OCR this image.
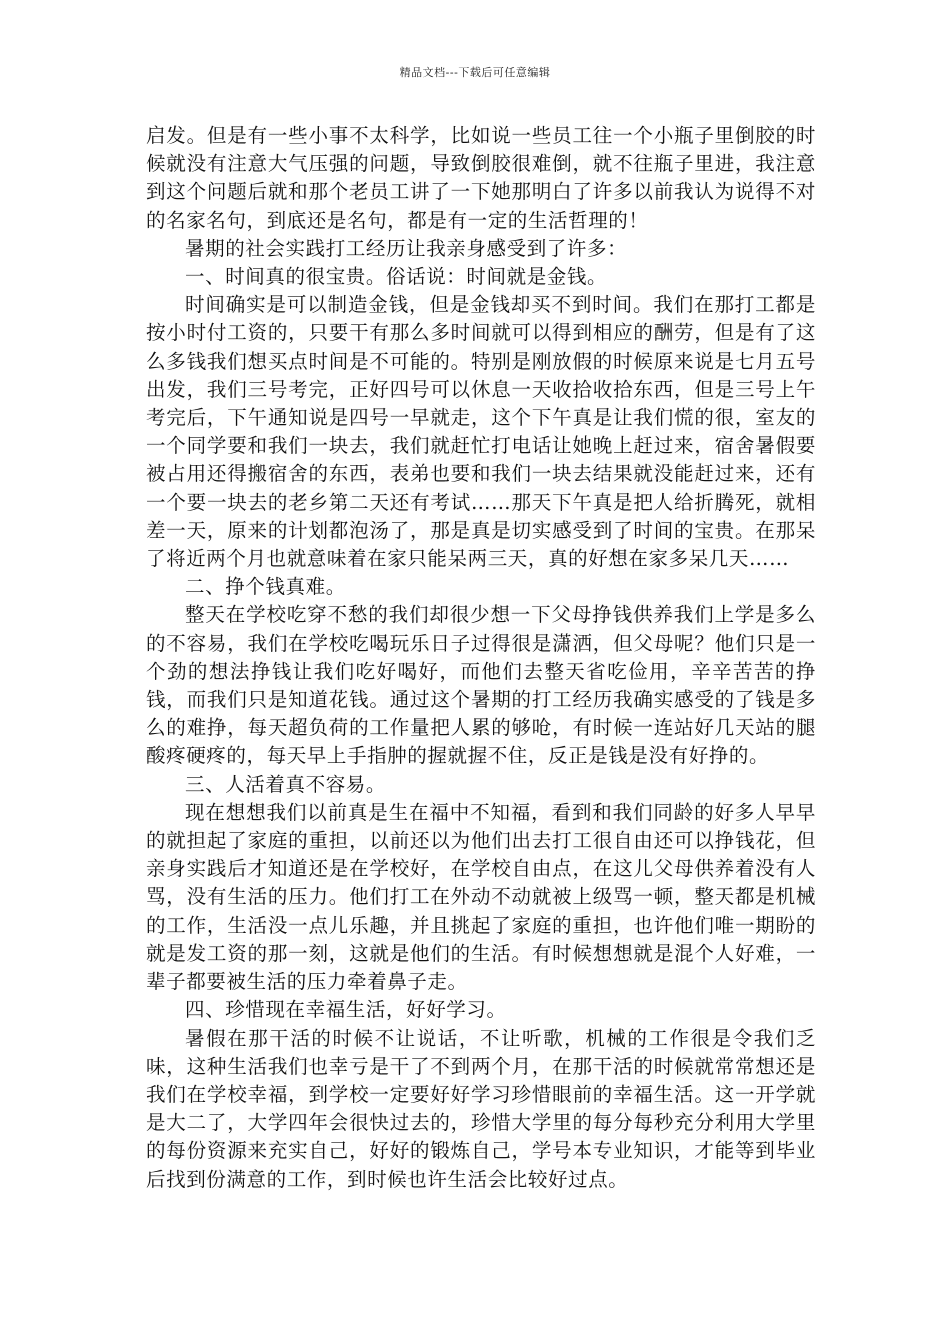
精品文档---下载后可任意编辑

启发。但是有一些小事不太科学，比如说一些员工往一个小瓶子里倒胶的时候就没有注意大气压强的问题，导致倒胶很难倒，就不往瓶子里进，我注意到这个问题后就和那个老员工讲了一下她那明白了许多以前我认为说得不对的名家名句，到底还是名句，都是有一定的生活哲理的！

暑期的社会实践打工经历让我亲身感受到了许多：

一、时间真的很宝贵。俗话说：时间就是金钱。

时间确实是可以制造金钱，但是金钱却买不到时间。我们在那打工都是按小时付工资的，只要干有那么多时间就可以得到相应的酬劳，但是有了这么多钱我们想买点时间是不可能的。特别是刚放假的时候原来说是七月五号出发，我们三号考完，正好四号可以休息一天收拾收拾东西，但是三号上午考完后，下午通知说是四号一早就走，这个下午真是让我们慌的很，室友的一个同学要和我们一块去，我们就赶忙打电话让她晚上赶过来，宿舍暑假要被占用还得搬宿舍的东西，表弟也要和我们一块去结果就没能赶过来，还有一个要一块去的老乡第二天还有考试……那天下午真是把人给折腾死，就相差一天，原来的计划都泡汤了，那是真是切实感受到了时间的宝贵。在那呆了将近两个月也就意味着在家只能呆两三天，真的好想在家多呆几天……

二、挣个钱真难。

整天在学校吃穿不愁的我们却很少想一下父母挣钱供养我们上学是多么的不容易，我们在学校吃喝玩乐日子过得很是潇洒，但父母呢？他们只是一个劲的想法挣钱让我们吃好喝好，而他们去整天省吃俭用，辛辛苦苦的挣钱，而我们只是知道花钱。通过这个暑期的打工经历我确实感受的了钱是多么的难挣，每天超负荷的工作量把人累的够呛，有时候一连站好几天站的腿酸疼硬疼的，每天早上手指肿的握就握不住，反正是钱是没有好挣的。

三、人活着真不容易。

现在想想我们以前真是生在福中不知福，看到和我们同龄的好多人早早的就担起了家庭的重担，以前还以为他们出去打工很自由还可以挣钱花，但亲身实践后才知道还是在学校好，在学校自由点，在这儿父母供养着没有人骂，没有生活的压力。他们打工在外动不动就被上级骂一顿，整天都是机械的工作，生活没一点儿乐趣，并且挑起了家庭的重担，也许他们唯一期盼的就是发工资的那一刻，这就是他们的生活。有时候想想就是混个人好难，一辈子都要被生活的压力牵着鼻子走。

四、珍惜现在幸福生活，好好学习。

暑假在那干活的时候不让说话，不让听歌，机械的工作很是令我们乏味，这种生活我们也幸亏是干了不到两个月，在那干活的时候就常常想还是我们在学校幸福，到学校一定要好好学习珍惜眼前的幸福生活。这一开学就是大二了，大学四年会很快过去的，珍惜大学里的每分每秒充分利用大学里的每份资源来充实自己，好好的锻炼自己，学号本专业知识，才能等到毕业后找到份满意的工作，到时候也许生活会比较好过点。
